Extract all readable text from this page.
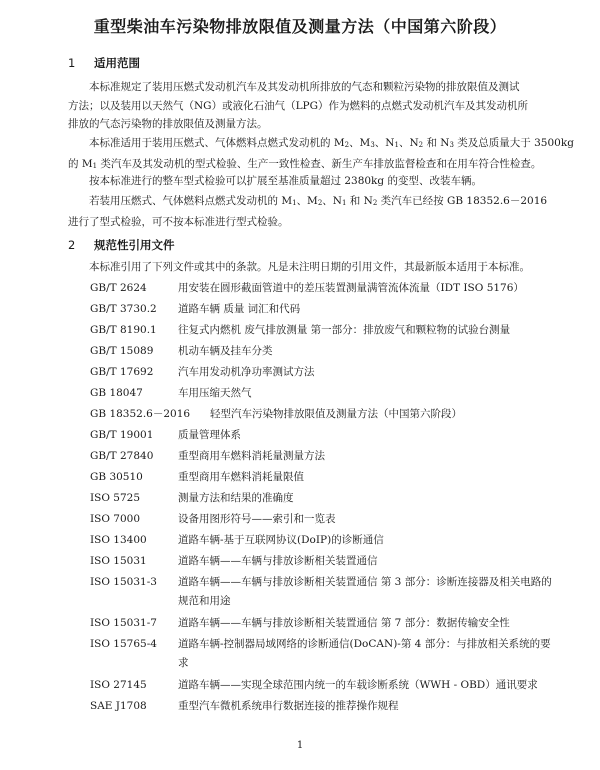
重型柴油车污染物排放限值及测量方法（中国第六阶段）
1 适用范围

本标准规定了装用压燃式发动机汽车及其发动机所排放的气态和颗粒污染物的排放限值及测试
方法；以及装用以天然气（NG）或液化石油气（LPG）作为燃料的点燃式发动机汽车及其发动机所
排放的气态污染物的排放限值及测量方法。

本标准适用于装用压燃式、气体燃料点燃式发动机的 $M_2$、$M_3$、$N_1$、$N_2$ 和 $N_3$ 类及总质量大于 3500kg
的 $M_1$ 类汽车及其发动机的型式检验、生产一致性检查、新生产车排放监督检查和在用车符合性检查。

按本标准进行的整车型式检验可以扩展至基准质量超过 2380kg 的变型、改装车辆。

若装用压燃式、气体燃料点燃式发动机的 $M_1$、$M_2$、$N_1$ 和 $N_2$ 类汽车已经按 GB 18352.6－2016
进行了型式检验，可不按本标准进行型式检验。

2 规范性引用文件

本标准引用了下列文件或其中的条款。凡是未注明日期的引用文件，其最新版本适用于本标准。

GB/T 2624	用安装在圆形截面管道中的差压装置测量满管流体流量（IDT ISO 5176）
GB/T 3730.2 道路车辆 质量 词汇和代码
GB/T 8190.1 往复式内燃机 废气排放测量 第一部分：排放废气和颗粒物的试验台测量
GB/T 15089 机动车辆及挂车分类
GB/T 17692 汽车用发动机净功率测试方法
GB 18047	车用压缩天然气
GB 18352.6－2016 轻型汽车污染物排放限值及测量方法（中国第六阶段）
GB/T 19001 质量管理体系
GB/T 27840 重型商用车燃料消耗量测量方法
GB 30510	重型商用车燃料消耗量限值
ISO 5725	测量方法和结果的准确度
ISO 7000	设备用图形符号——索引和一览表
ISO 13400	道路车辆-基于互联网协议(DoIP)的诊断通信
ISO 15031	道路车辆——车辆与排放诊断相关装置通信
ISO 15031-3 道路车辆——车辆与排放诊断相关装置通信 第 3 部分：诊断连接器及相关电路的规范和用途
ISO 15031-7 道路车辆——车辆与排放诊断相关装置通信 第 7 部分：数据传输安全性
ISO 15765-4 道路车辆-控制器局域网络的诊断通信(DoCAN)-第 4 部分：与排放相关系统的要求
ISO 27145	道路车辆——实现全球范围内统一的车载诊断系统（WWH - OBD）通讯要求
SAE J1708	重型汽车微机系统串行数据连接的推荐操作规程
1
